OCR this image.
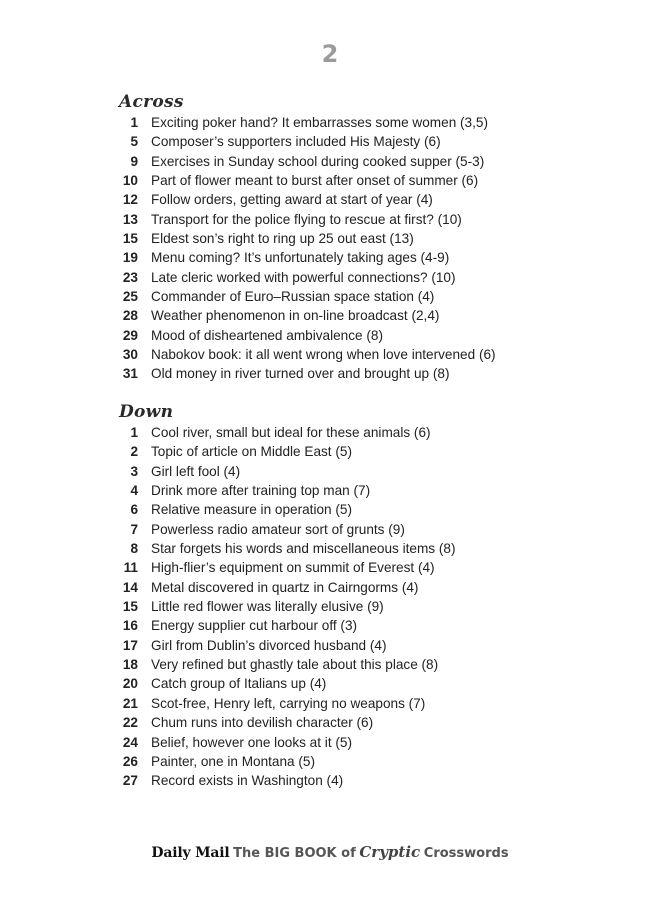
2
Across
1 Exciting poker hand? It embarrasses some women (3,5)
5 Composer’s supporters included His Majesty (6)
9 Exercises in Sunday school during cooked supper (5-3)
10 Part of flower meant to burst after onset of summer (6)
12 Follow orders, getting award at start of year (4)
13 Transport for the police flying to rescue at first? (10)
15 Eldest son’s right to ring up 25 out east (13)
19 Menu coming? It’s unfortunately taking ages (4-9)
23 Late cleric worked with powerful connections? (10)
25 Commander of Euro–Russian space station (4)
28 Weather phenomenon in on-line broadcast (2,4)
29 Mood of disheartened ambivalence (8)
30 Nabokov book: it all went wrong when love intervened (6)
31 Old money in river turned over and brought up (8)
Down
1 Cool river, small but ideal for these animals (6)
2 Topic of article on Middle East (5)
3 Girl left fool (4)
4 Drink more after training top man (7)
6 Relative measure in operation (5)
7 Powerless radio amateur sort of grunts (9)
8 Star forgets his words and miscellaneous items (8)
11 High-flier’s equipment on summit of Everest (4)
14 Metal discovered in quartz in Cairngorms (4)
15 Little red flower was literally elusive (9)
16 Energy supplier cut harbour off (3)
17 Girl from Dublin’s divorced husband (4)
18 Very refined but ghastly tale about this place (8)
20 Catch group of Italians up (4)
21 Scot-free, Henry left, carrying no weapons (7)
22 Chum runs into devilish character (6)
24 Belief, however one looks at it (5)
26 Painter, one in Montana (5)
27 Record exists in Washington (4)
Daily Mail The BIG BOOK of Cryptic Crosswords
